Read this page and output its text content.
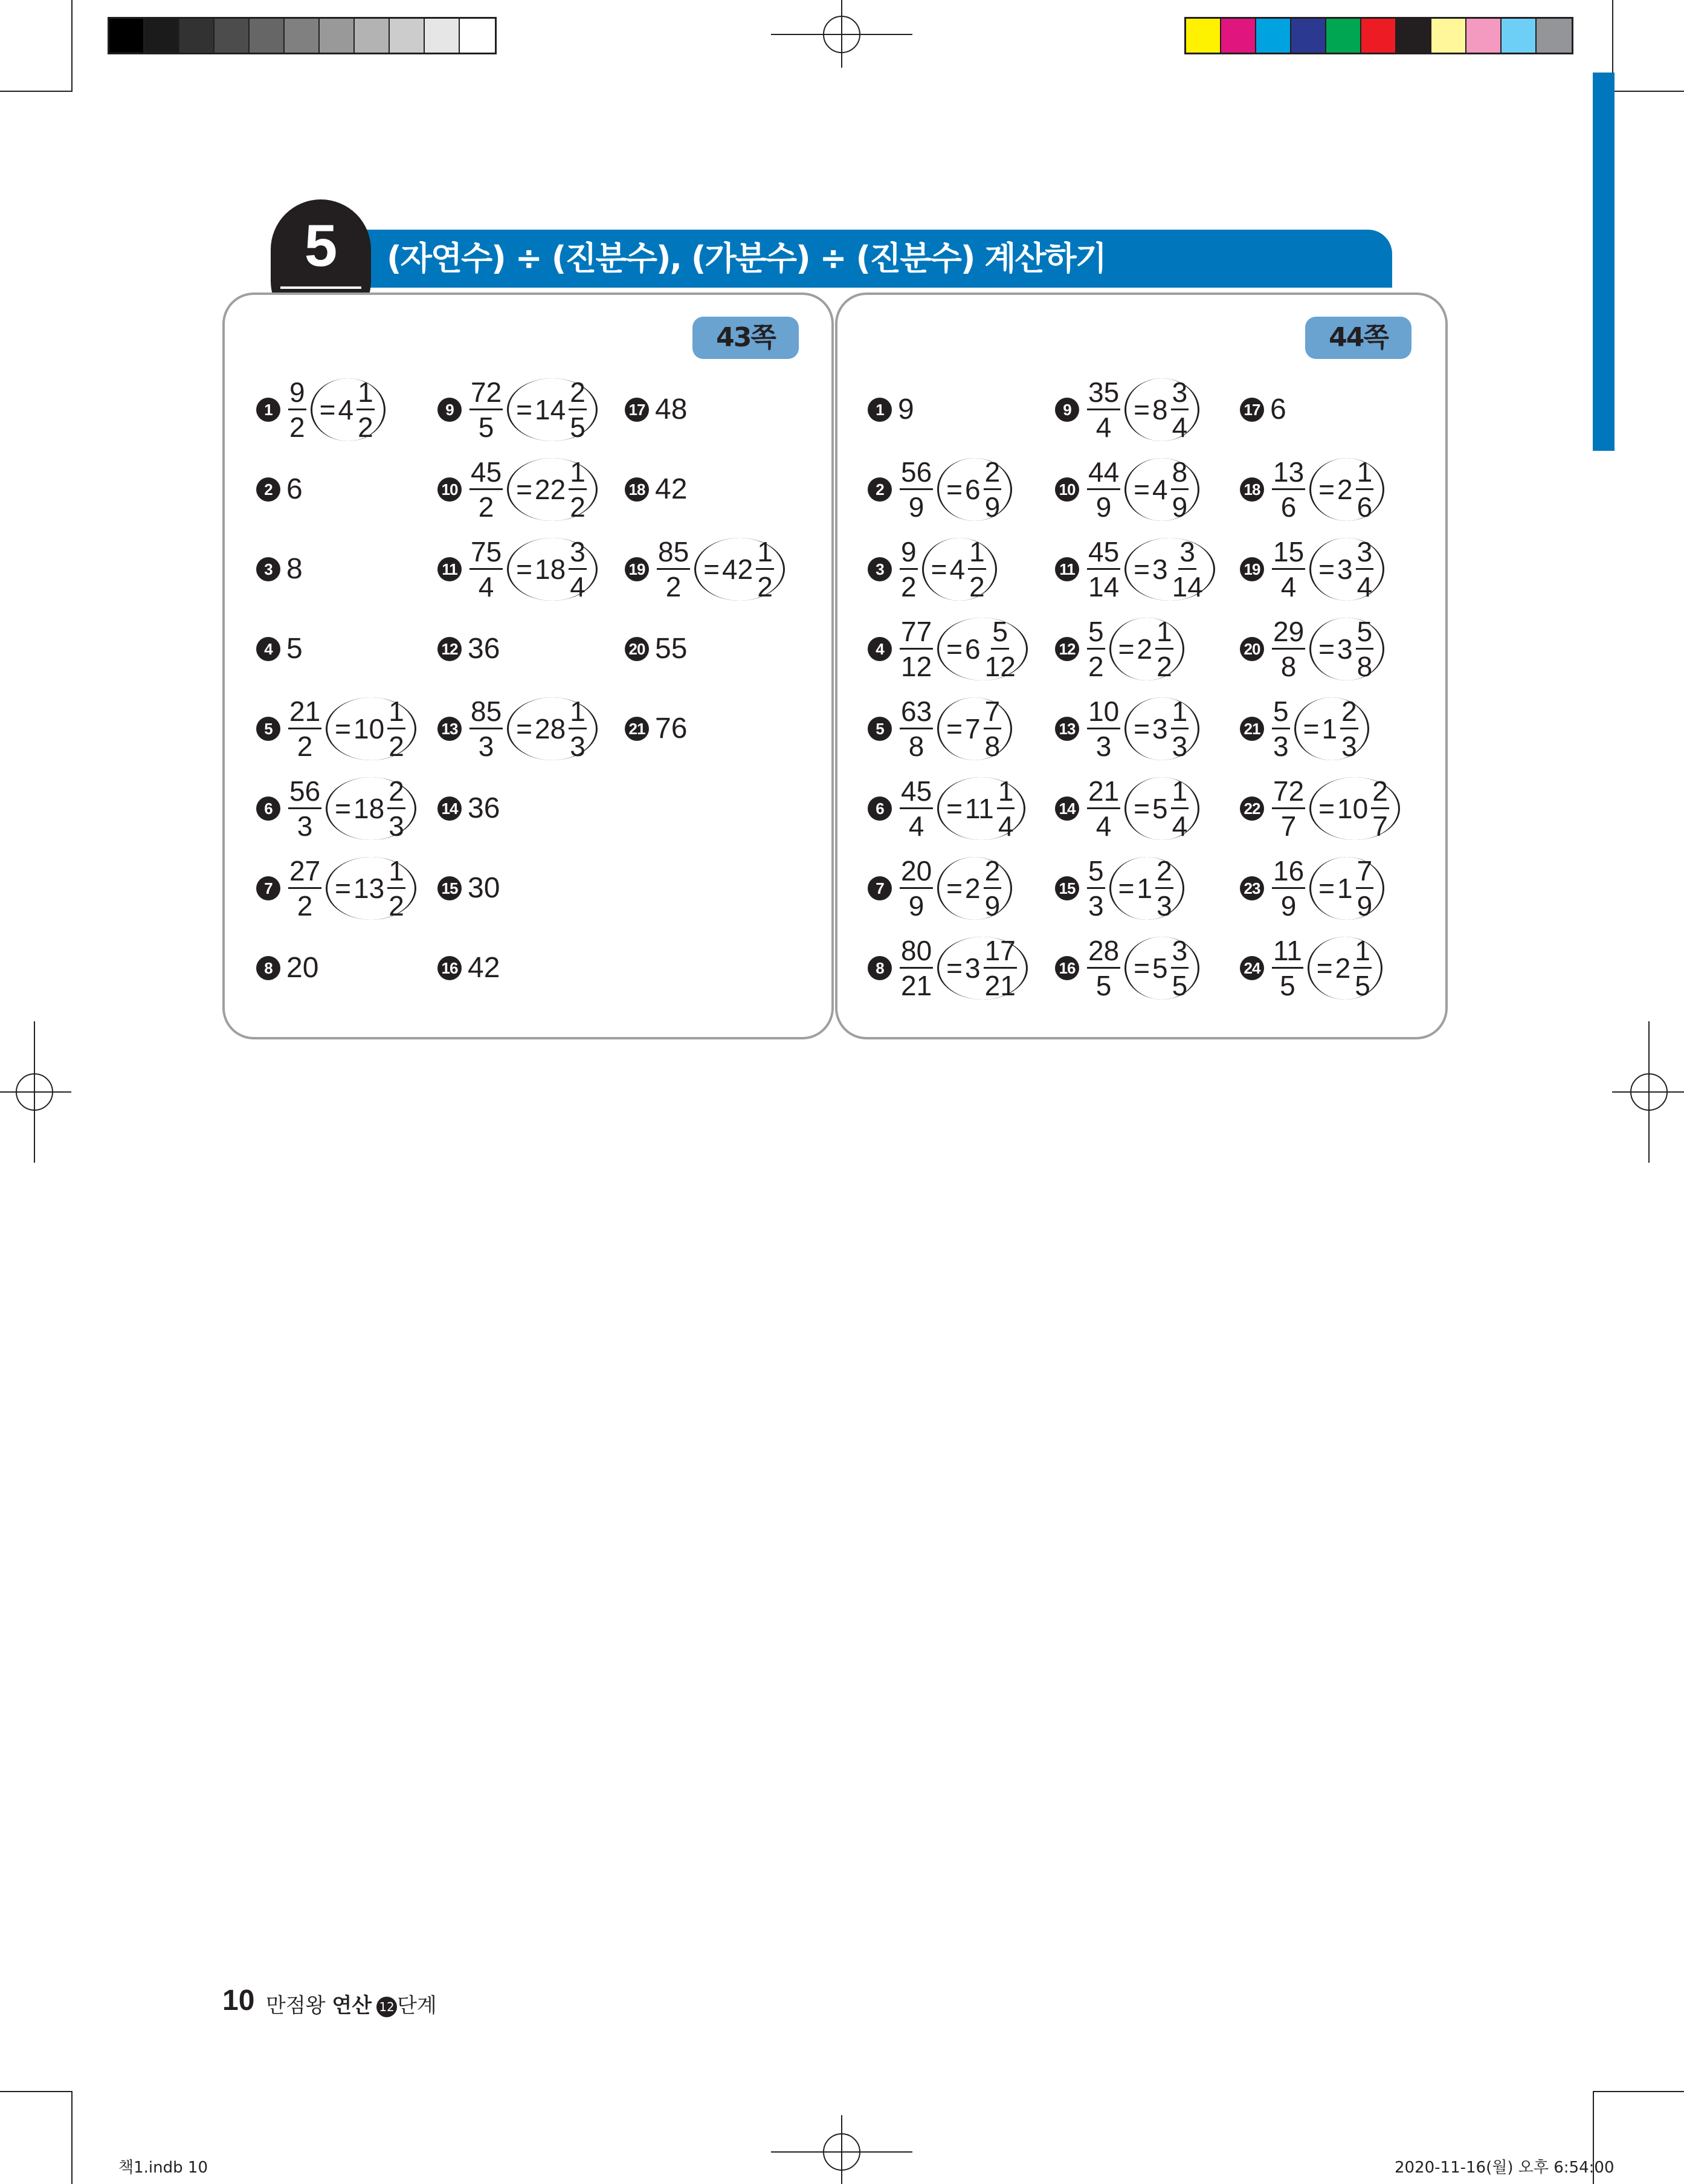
(자연수) ÷ (진분수), (가분수) ÷ (진분수) 계산하기
5
43쪽	44쪽
$1 \frac{9}{2} = 4 \frac{1}{2}$
2 6
3 8
4 5
$5 \frac{21}{2} = 10 \frac{1}{2}$
$6 \frac{56}{3} = 18 \frac{2}{3}$
$7 \frac{27}{2} = 13 \frac{1}{2}$
8 20
$9 \frac{72}{5} = 14 \frac{2}{5}$
$10 \frac{45}{2} = 22 \frac{1}{2}$
$11 \frac{75}{4} = 18 \frac{3}{4}$
12 36
$13 \frac{85}{3} = 28 \frac{1}{3}$
14 36
15 30
16 42
17 48
18 42
$19 \frac{85}{2} = 42 \frac{1}{2}$
20 55
21 76
1 9
$2 \frac{56}{9} = 6 \frac{2}{9}$
$3 \frac{9}{2} = 4 \frac{1}{2}$
$4 \frac{77}{12} = 6 \frac{5}{12}$
$5 \frac{63}{8} = 7 \frac{7}{8}$
$6 \frac{45}{4} = 11 \frac{1}{4}$
$7 \frac{20}{9} = 2 \frac{2}{9}$
$8 \frac{80}{21} = 3 \frac{17}{21}$
$9 \frac{35}{4} = 8 \frac{3}{4}$
$10 \frac{44}{9} = 4 \frac{8}{9}$
$11 \frac{45}{14} = 3 \frac{3}{14}$
$12 \frac{5}{2} = 2 \frac{1}{2}$
$13 \frac{10}{3} = 3 \frac{1}{3}$
$14 \frac{21}{4} = 5 \frac{1}{4}$
$15 \frac{5}{3} = 1 \frac{2}{3}$
$16 \frac{28}{5} = 5 \frac{3}{5}$
17 6
$18 \frac{13}{6} = 2 \frac{1}{6}$
$19 \frac{15}{4} = 3 \frac{3}{4}$
$20 \frac{29}{8} = 3 \frac{5}{8}$
$21 \frac{5}{3} = 1 \frac{2}{3}$
$22 \frac{72}{7} = 10 \frac{2}{7}$
$23 \frac{16}{9} = 1 \frac{7}{9}$
$24 \frac{11}{5} = 2 \frac{1}{5}$
10 만점왕 연산 12 단계
책1.indb 10	2020-11-16(월) 오후 6:54:00
